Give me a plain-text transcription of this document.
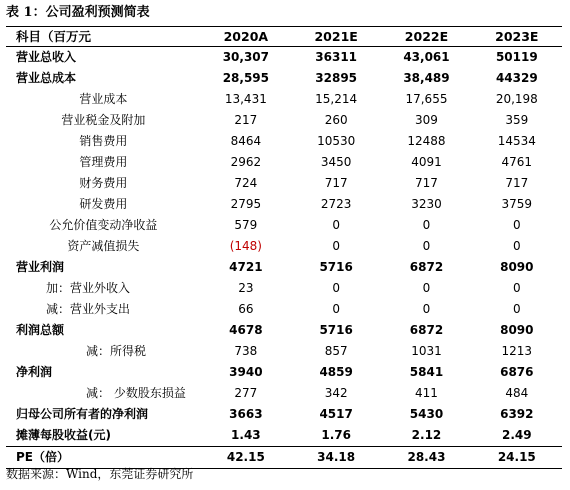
表 1：公司盈利预测简表
科目（百万元	2020A	2021E	2022E	2023E
营业总收入	30,307	36311	43,061	50119
营业总成本	28,595	32895	38,489	44329
营业成本	13,431	15,214	17,655	20,198
营业税金及附加	217	260	309	359
销售费用	8464	10530	12488	14534
管理费用	2962	3450	4091	4761
财务费用	724	717	717	717
研发费用	2795	2723	3230	3759
公允价值变动净收益	579	0	0	0
资产减值损失	(148)	0	0	0
营业利润	4721	5716	6872	8090
加：营业外收入	23	0	0	0
减：营业外支出	66	0	0	0
利润总额	4678	5716	6872	8090
减：所得税	738	857	1031	1213
净利润	3940	4859	5841	6876
减： 少数股东损益	277	342	411	484
归母公司所有者的净利润	3663	4517	5430	6392
摊薄每股收益(元)	1.43	1.76	2.12	2.49
PE（倍）	42.15	34.18	28.43	24.15
数据来源：Wind，东莞证券研究所
